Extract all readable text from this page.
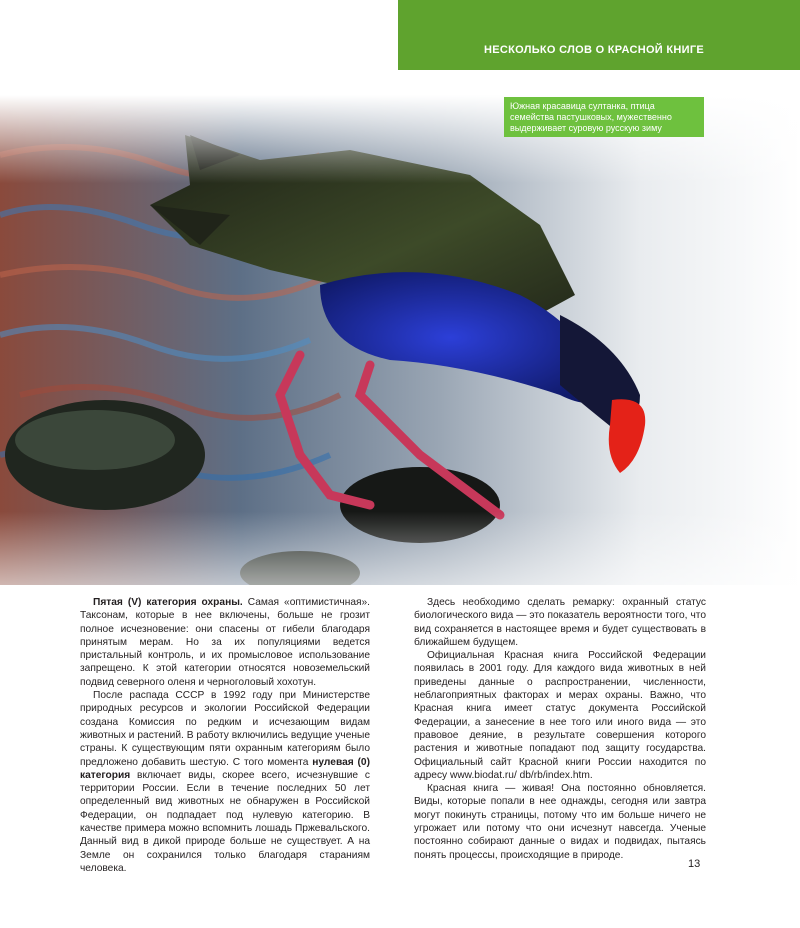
НЕСКОЛЬКО СЛОВ О КРАСНОЙ КНИГЕ
Южная красавица султанка, птица семейства пастушковых, мужественно выдерживает суровую русскую зиму

Пятая (V) категория охраны. Самая «оптимистичная». Таксонам, которые в нее включены, больше не грозит полное исчезновение: они спасены от гибели благодаря принятым мерам. Но за их популяциями ведется пристальный контроль, и их промысловое использование запрещено. К этой категории относятся новоземельский подвид северного оленя и черноголовый хохотун.

После распада СССР в 1992 году при Министерстве природных ресурсов и экологии Российской Федерации создана Комиссия по редким и исчезающим видам животных и растений. В работу включились ведущие ученые страны. К существующим пяти охранным категориям было предложено добавить шестую. С того момента нулевая (0) категория включает виды, скорее всего, исчезнувшие с территории России. Если в течение последних 50 лет определенный вид животных не обнаружен в Российской Федерации, он подпадает под нулевую категорию. В качестве примера можно вспомнить лошадь Пржевальского. Данный вид в дикой природе больше не существует. А на Земле он сохранился только благодаря стараниям человека.

Здесь необходимо сделать ремарку: охранный статус биологического вида — это показатель вероятности того, что вид сохраняется в настоящее время и будет существовать в ближайшем будущем.

Официальная Красная книга Российской Федерации появилась в 2001 году. Для каждого вида животных в ней приведены данные о распространении, численности, неблагоприятных факторах и мерах охраны. Важно, что Красная книга имеет статус документа Российской Федерации, а занесение в нее того или иного вида — это правовое деяние, в результате совершения которого растения и животные попадают под защиту государства. Официальный сайт Красной книги России находится по адресу www.biodat.ru/ db/rb/index.htm.

Красная книга — живая! Она постоянно обновляется. Виды, которые попали в нее однажды, сегодня или завтра могут покинуть страницы, потому что им больше ничего не угрожает или потому что они исчезнут навсегда. Ученые постоянно собирают данные о видах и подвидах, пытаясь понять процессы, происходящие в природе.

13
